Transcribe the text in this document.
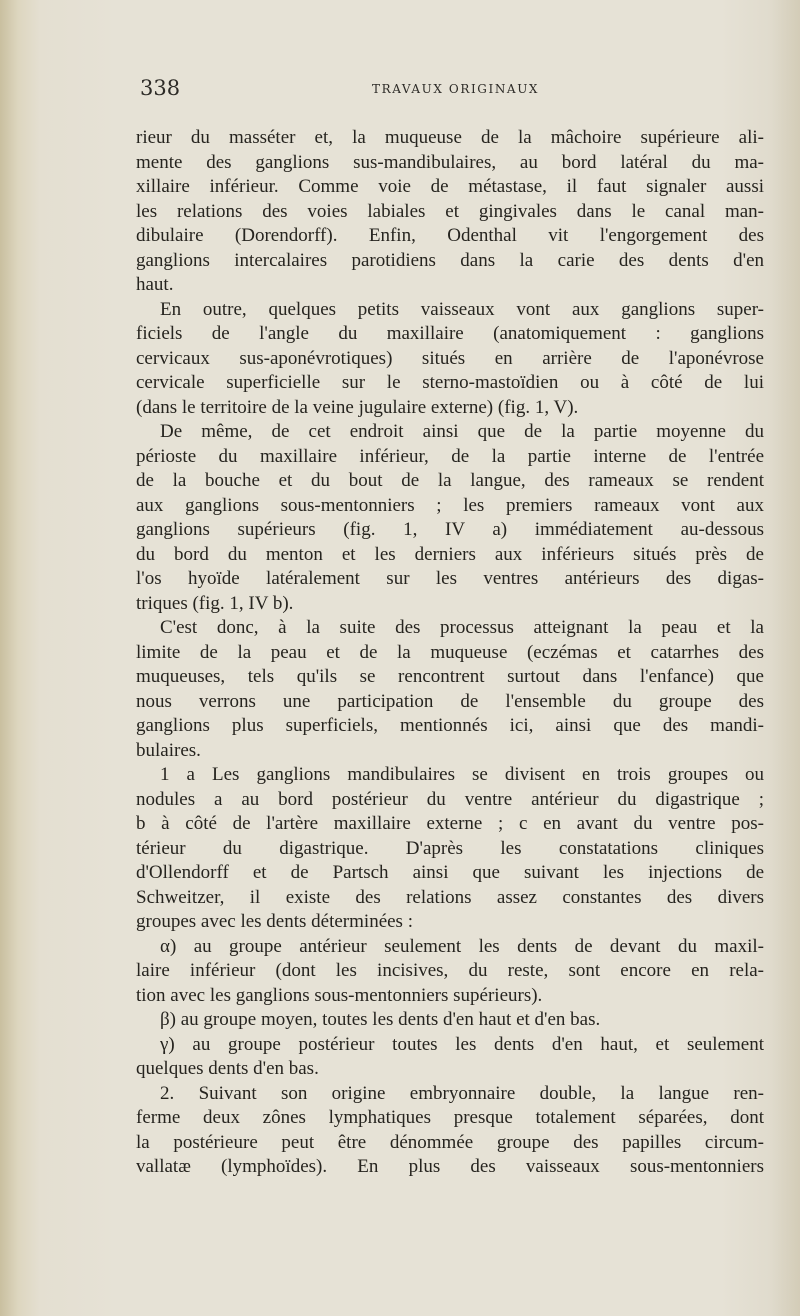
338	TRAVAUX ORIGINAUX
rieur du masséter et, la muqueuse de la mâchoire supérieure ali-
mente des ganglions sus-mandibulaires, au bord latéral du ma-
xillaire inférieur. Comme voie de métastase, il faut signaler aussi
les relations des voies labiales et gingivales dans le canal man-
dibulaire (Dorendorff). Enfin, Odenthal vit l'engorgement des
ganglions intercalaires parotidiens dans la carie des dents d'en
haut.
En outre, quelques petits vaisseaux vont aux ganglions super-
ficiels de l'angle du maxillaire (anatomiquement : ganglions
cervicaux sus-aponévrotiques) situés en arrière de l'aponévrose
cervicale superficielle sur le sterno-mastoïdien ou à côté de lui
(dans le territoire de la veine jugulaire externe) (fig. 1, V).
De même, de cet endroit ainsi que de la partie moyenne du
périoste du maxillaire inférieur, de la partie interne de l'entrée
de la bouche et du bout de la langue, des rameaux se rendent
aux ganglions sous-mentonniers ; les premiers rameaux vont aux
ganglions supérieurs (fig. 1, IV a) immédiatement au-dessous
du bord du menton et les derniers aux inférieurs situés près de
l'os hyoïde latéralement sur les ventres antérieurs des digas-
triques (fig. 1, IV b).
C'est donc, à la suite des processus atteignant la peau et la
limite de la peau et de la muqueuse (eczémas et catarrhes des
muqueuses, tels qu'ils se rencontrent surtout dans l'enfance) que
nous verrons une participation de l'ensemble du groupe des
ganglions plus superficiels, mentionnés ici, ainsi que des mandi-
bulaires.
1 a Les ganglions mandibulaires se divisent en trois groupes ou
nodules a au bord postérieur du ventre antérieur du digastrique ;
b à côté de l'artère maxillaire externe ; c en avant du ventre pos-
térieur du digastrique. D'après les constatations cliniques
d'Ollendorff et de Partsch ainsi que suivant les injections de
Schweitzer, il existe des relations assez constantes des divers
groupes avec les dents déterminées :
α) au groupe antérieur seulement les dents de devant du maxil-
laire inférieur (dont les incisives, du reste, sont encore en rela-
tion avec les ganglions sous-mentonniers supérieurs).
β) au groupe moyen, toutes les dents d'en haut et d'en bas.
γ) au groupe postérieur toutes les dents d'en haut, et seulement
quelques dents d'en bas.
2. Suivant son origine embryonnaire double, la langue ren-
ferme deux zônes lymphatiques presque totalement séparées, dont
la postérieure peut être dénommée groupe des papilles circum-
vallatæ (lymphoïdes). En plus des vaisseaux sous-mentonniers
